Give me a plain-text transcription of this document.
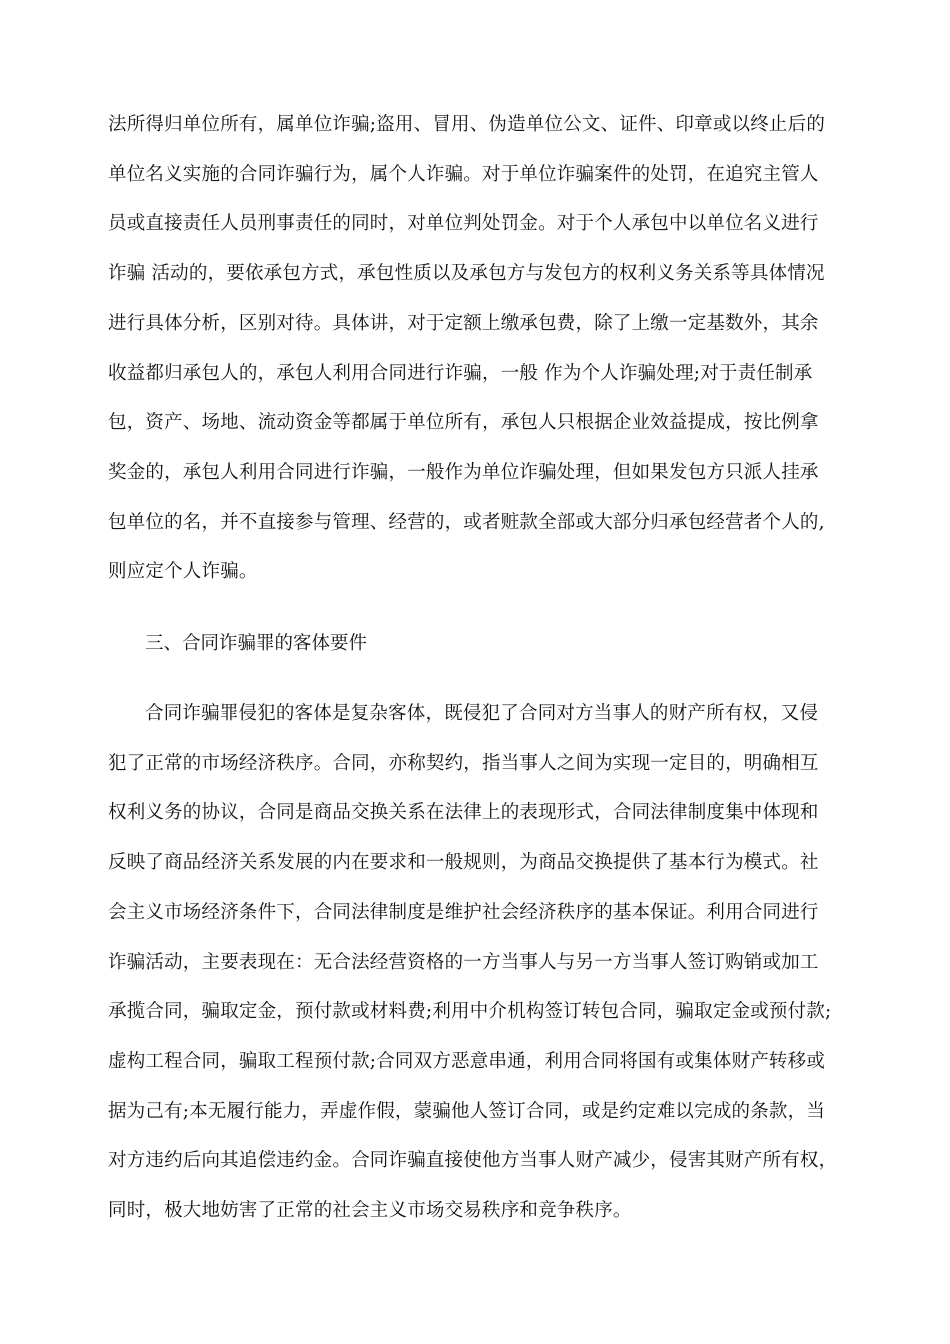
法所得归单位所有，属单位诈骗;盗用、冒用、伪造单位公文、证件、印章或以终止后的
单位名义实施的合同诈骗行为，属个人诈骗。对于单位诈骗案件的处罚，在追究主管人
员或直接责任人员刑事责任的同时，对单位判处罚金。对于个人承包中以单位名义进行
诈骗 活动的，要依承包方式，承包性质以及承包方与发包方的权利义务关系等具体情况
进行具体分析，区别对待。具体讲，对于定额上缴承包费，除了上缴一定基数外，其余
收益都归承包人的，承包人利用合同进行诈骗，一般 作为个人诈骗处理;对于责任制承
包，资产、场地、流动资金等都属于单位所有，承包人只根据企业效益提成，按比例拿
奖金的，承包人利用合同进行诈骗，一般作为单位诈骗处理，但如果发包方只派人挂承
包单位的名，并不直接参与管理、经营的，或者赃款全部或大部分归承包经营者个人的,
则应定个人诈骗。
三、合同诈骗罪的客体要件
合同诈骗罪侵犯的客体是复杂客体，既侵犯了合同对方当事人的财产所有权，又侵
犯了正常的市场经济秩序。合同，亦称契约，指当事人之间为实现一定目的，明确相互
权利义务的协议，合同是商品交换关系在法律上的表现形式，合同法律制度集中体现和
反映了商品经济关系发展的内在要求和一般规则，为商品交换提供了基本行为模式。社
会主义市场经济条件下，合同法律制度是维护社会经济秩序的基本保证。利用合同进行
诈骗活动，主要表现在：无合法经营资格的一方当事人与另一方当事人签订购销或加工
承揽合同，骗取定金，预付款或材料费;利用中介机构签订转包合同，骗取定金或预付款;
虚构工程合同，骗取工程预付款;合同双方恶意串通，利用合同将国有或集体财产转移或
据为己有;本无履行能力，弄虚作假，蒙骗他人签订合同，或是约定难以完成的条款，当
对方违约后向其追偿违约金。合同诈骗直接使他方当事人财产减少，侵害其财产所有权，
同时，极大地妨害了正常的社会主义市场交易秩序和竞争秩序。
